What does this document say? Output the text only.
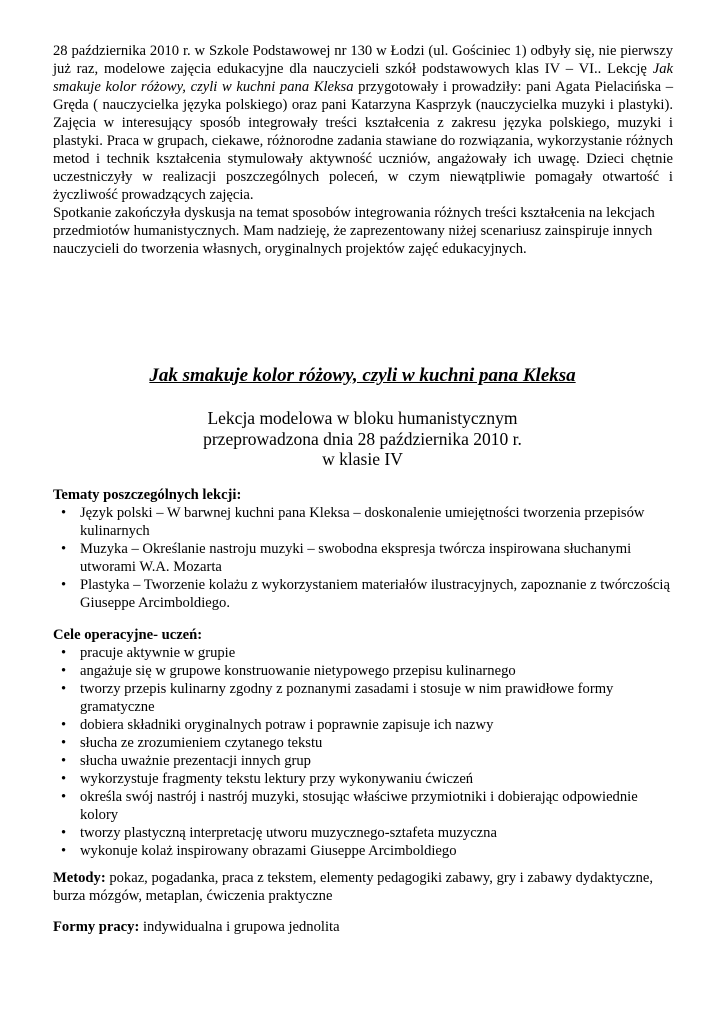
28 października 2010 r. w Szkole Podstawowej nr 130 w Łodzi (ul. Gościniec 1) odbyły się, nie pierwszy już raz, modelowe zajęcia edukacyjne dla nauczycieli szkół podstawowych klas IV – VI.. Lekcję Jak smakuje kolor różowy, czyli w kuchni pana Kleksa przygotowały i prowadziły: pani Agata Pielacińska – Gręda ( nauczycielka języka polskiego) oraz pani Katarzyna Kasprzyk (nauczycielka muzyki i plastyki). Zajęcia w interesujący sposób integrowały treści kształcenia z zakresu języka polskiego, muzyki i plastyki. Praca w grupach, ciekawe, różnorodne zadania stawiane do rozwiązania, wykorzystanie różnych metod i technik kształcenia stymulowały aktywność uczniów, angażowały ich uwagę. Dzieci chętnie uczestniczyły w realizacji poszczególnych poleceń, w czym niewątpliwie pomagały otwartość i życzliwość prowadzących zajęcia.

Spotkanie zakończyła dyskusja na temat sposobów integrowania różnych treści kształcenia na lekcjach przedmiotów humanistycznych. Mam nadzieję, że zaprezentowany niżej scenariusz zainspiruje innych nauczycieli do tworzenia własnych, oryginalnych projektów zajęć edukacyjnych.

Jak smakuje kolor różowy, czyli w kuchni pana Kleksa
Lekcja modelowa w bloku humanistycznym
przeprowadzona dnia 28 października 2010 r.
w klasie IV
Tematy poszczególnych lekcji:
• Język polski – W barwnej kuchni pana Kleksa – doskonalenie umiejętności tworzenia przepisów kulinarnych
• Muzyka – Określanie nastroju muzyki – swobodna ekspresja twórcza inspirowana słuchanymi utworami W.A. Mozarta
• Plastyka – Tworzenie kolażu z wykorzystaniem materiałów ilustracyjnych, zapoznanie z twórczością Giuseppe Arcimboldiego.
Cele operacyjne- uczeń:
• pracuje aktywnie w grupie
• angażuje się w grupowe konstruowanie nietypowego przepisu kulinarnego
• tworzy przepis kulinarny zgodny z poznanymi zasadami i stosuje w nim prawidłowe formy gramatyczne
• dobiera składniki oryginalnych potraw i poprawnie zapisuje ich nazwy
• słucha ze zrozumieniem czytanego tekstu
• słucha uważnie prezentacji innych grup
• wykorzystuje fragmenty tekstu lektury przy wykonywaniu ćwiczeń
• określa swój nastrój i nastrój muzyki, stosując właściwe przymiotniki i dobierając odpowiednie kolory
• tworzy plastyczną interpretację utworu muzycznego-sztafeta muzyczna
• wykonuje kolaż inspirowany obrazami Giuseppe Arcimboldiego

Metody: pokaz, pogadanka, praca z tekstem, elementy pedagogiki zabawy, gry i zabawy dydaktyczne, burza mózgów, metaplan, ćwiczenia praktyczne

Formy pracy: indywidualna i grupowa jednolita
